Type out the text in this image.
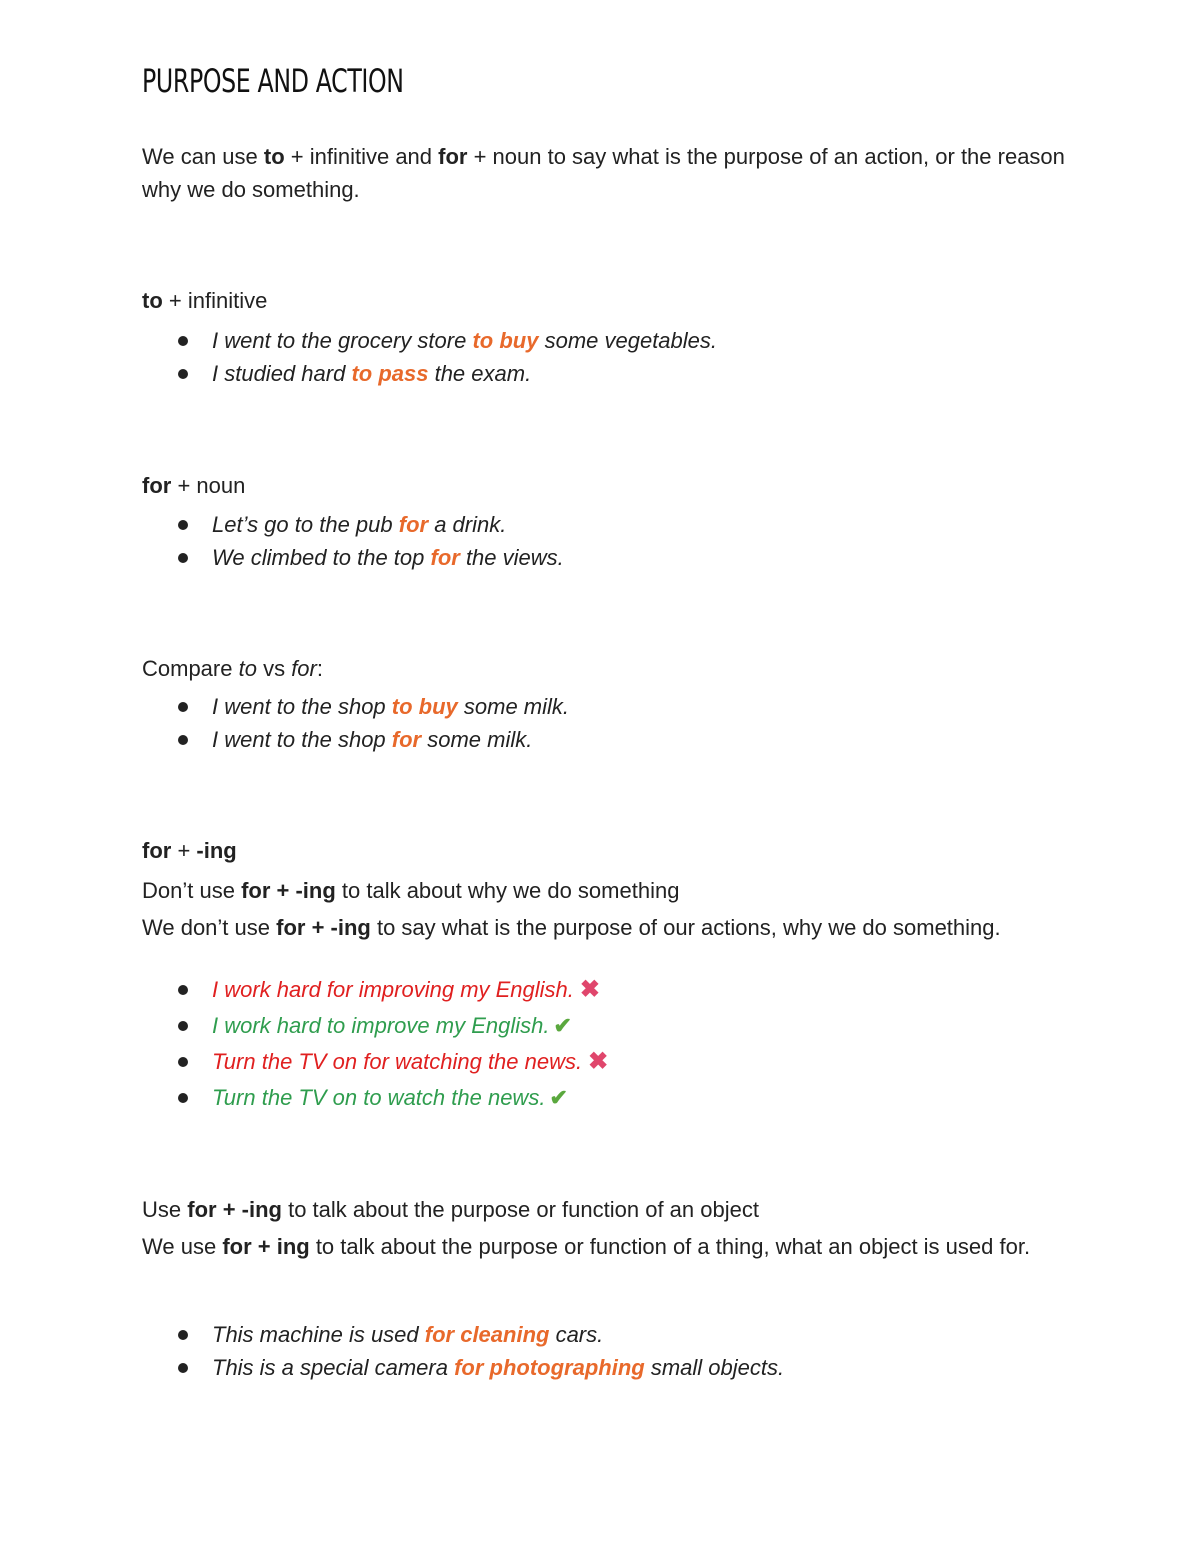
PURPOSE AND ACTION
We can use to + infinitive and for + noun to say what is the purpose of an action, or the reason why we do something.
to + infinitive
I went to the grocery store to buy some vegetables.
I studied hard to pass the exam.
for + noun
Let’s go to the pub for a drink.
We climbed to the top for the views.
Compare to vs for:
I went to the shop to buy some milk.
I went to the shop for some milk.
for + -ing
Don’t use for + -ing to talk about why we do something
We don’t use for + -ing to say what is the purpose of our actions, why we do something.
I work hard for improving my English. ✖
I work hard to improve my English. ✔
Turn the TV on for watching the news. ✖
Turn the TV on to watch the news. ✔
Use for + -ing to talk about the purpose or function of an object
We use for + ing to talk about the purpose or function of a thing, what an object is used for.
This machine is used for cleaning cars.
This is a special camera for photographing small objects.
